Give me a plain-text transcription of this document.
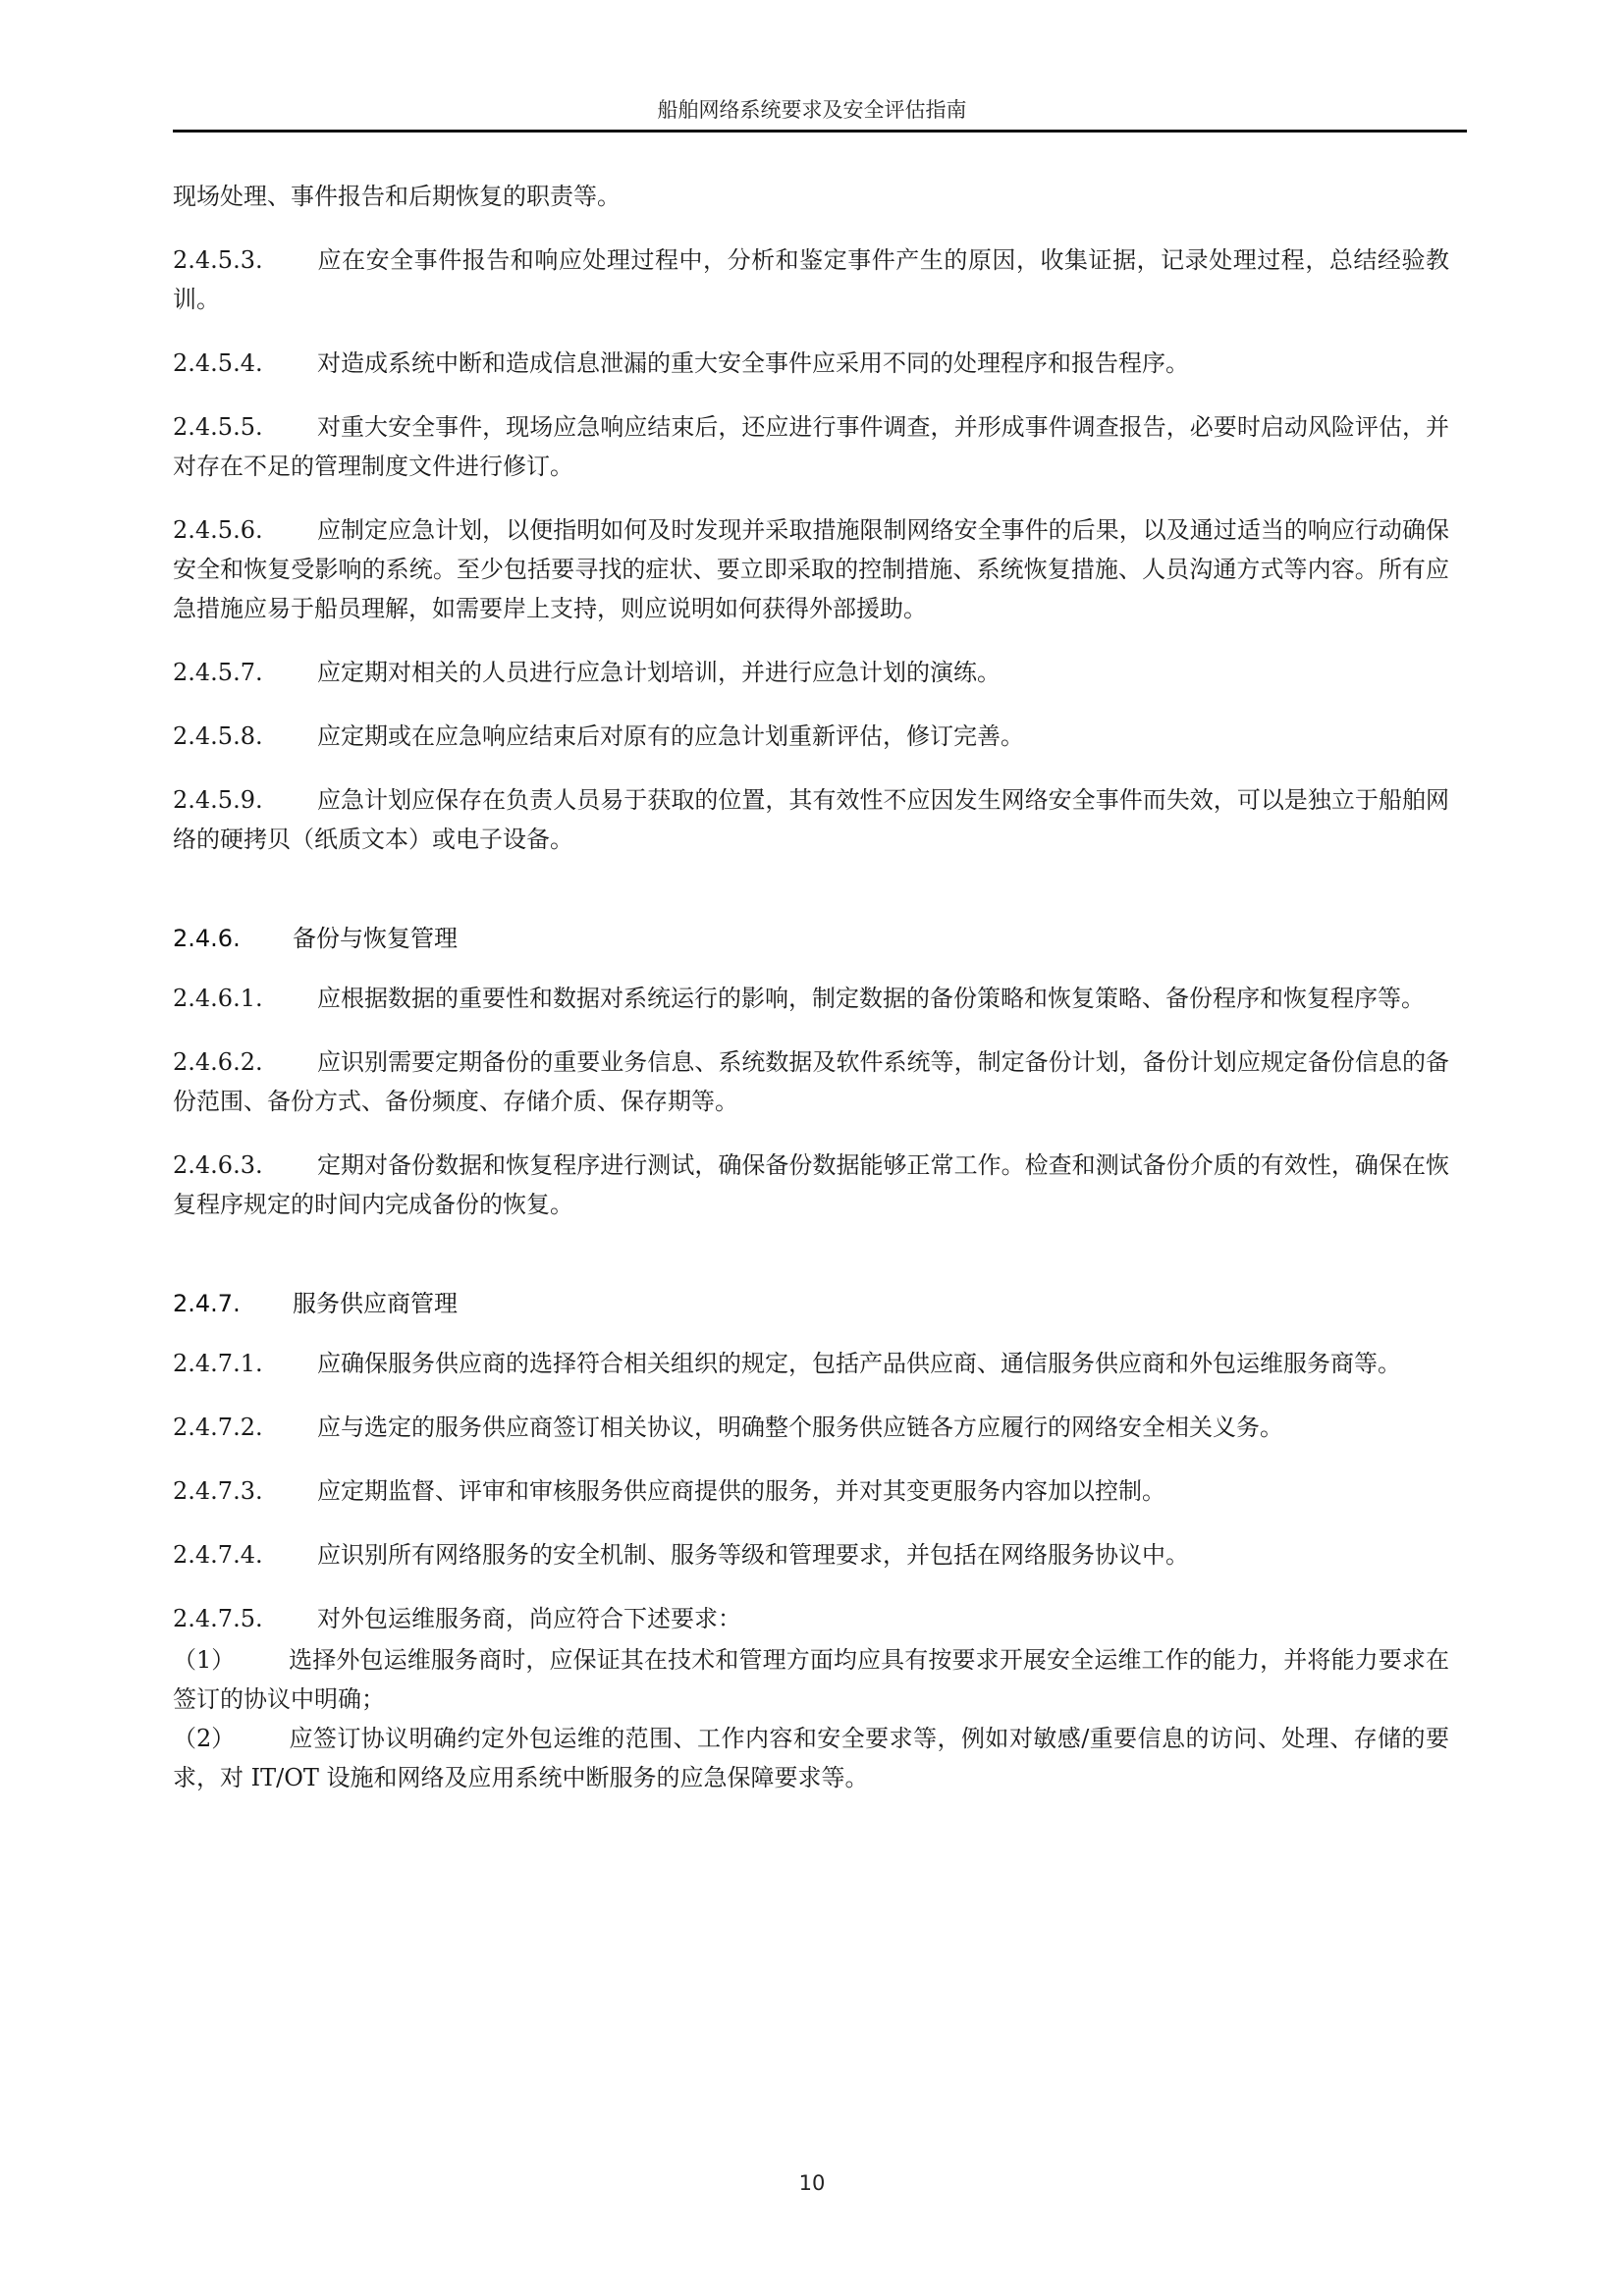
船舶网络系统要求及安全评估指南

现场处理、事件报告和后期恢复的职责等。

2.4.5.3. 应在安全事件报告和响应处理过程中，分析和鉴定事件产生的原因，收集证据，记录处理过程，总结经验教训。

2.4.5.4. 对造成系统中断和造成信息泄漏的重大安全事件应采用不同的处理程序和报告程序。

2.4.5.5. 对重大安全事件，现场应急响应结束后，还应进行事件调查，并形成事件调查报告，必要时启动风险评估，并对存在不足的管理制度文件进行修订。

2.4.5.6. 应制定应急计划，以便指明如何及时发现并采取措施限制网络安全事件的后果，以及通过适当的响应行动确保安全和恢复受影响的系统。至少包括要寻找的症状、要立即采取的控制措施、系统恢复措施、人员沟通方式等内容。所有应急措施应易于船员理解，如需要岸上支持，则应说明如何获得外部援助。

2.4.5.7. 应定期对相关的人员进行应急计划培训，并进行应急计划的演练。

2.4.5.8. 应定期或在应急响应结束后对原有的应急计划重新评估，修订完善。

2.4.5.9. 应急计划应保存在负责人员易于获取的位置，其有效性不应因发生网络安全事件而失效，可以是独立于船舶网络的硬拷贝（纸质文本）或电子设备。

2.4.6. 备份与恢复管理

2.4.6.1. 应根据数据的重要性和数据对系统运行的影响，制定数据的备份策略和恢复策略、备份程序和恢复程序等。

2.4.6.2. 应识别需要定期备份的重要业务信息、系统数据及软件系统等，制定备份计划，备份计划应规定备份信息的备份范围、备份方式、备份频度、存储介质、保存期等。

2.4.6.3. 定期对备份数据和恢复程序进行测试，确保备份数据能够正常工作。检查和测试备份介质的有效性，确保在恢复程序规定的时间内完成备份的恢复。

2.4.7. 服务供应商管理

2.4.7.1. 应确保服务供应商的选择符合相关组织的规定，包括产品供应商、通信服务供应商和外包运维服务商等。

2.4.7.2. 应与选定的服务供应商签订相关协议，明确整个服务供应链各方应履行的网络安全相关义务。

2.4.7.3. 应定期监督、评审和审核服务供应商提供的服务，并对其变更服务内容加以控制。

2.4.7.4. 应识别所有网络服务的安全机制、服务等级和管理要求，并包括在网络服务协议中。

2.4.7.5. 对外包运维服务商，尚应符合下述要求：

（1） 选择外包运维服务商时，应保证其在技术和管理方面均应具有按要求开展安全运维工作的能力，并将能力要求在签订的协议中明确；

（2） 应签订协议明确约定外包运维的范围、工作内容和安全要求等，例如对敏感/重要信息的访问、处理、存储的要求，对 IT/OT 设施和网络及应用系统中断服务的应急保障要求等。

10
